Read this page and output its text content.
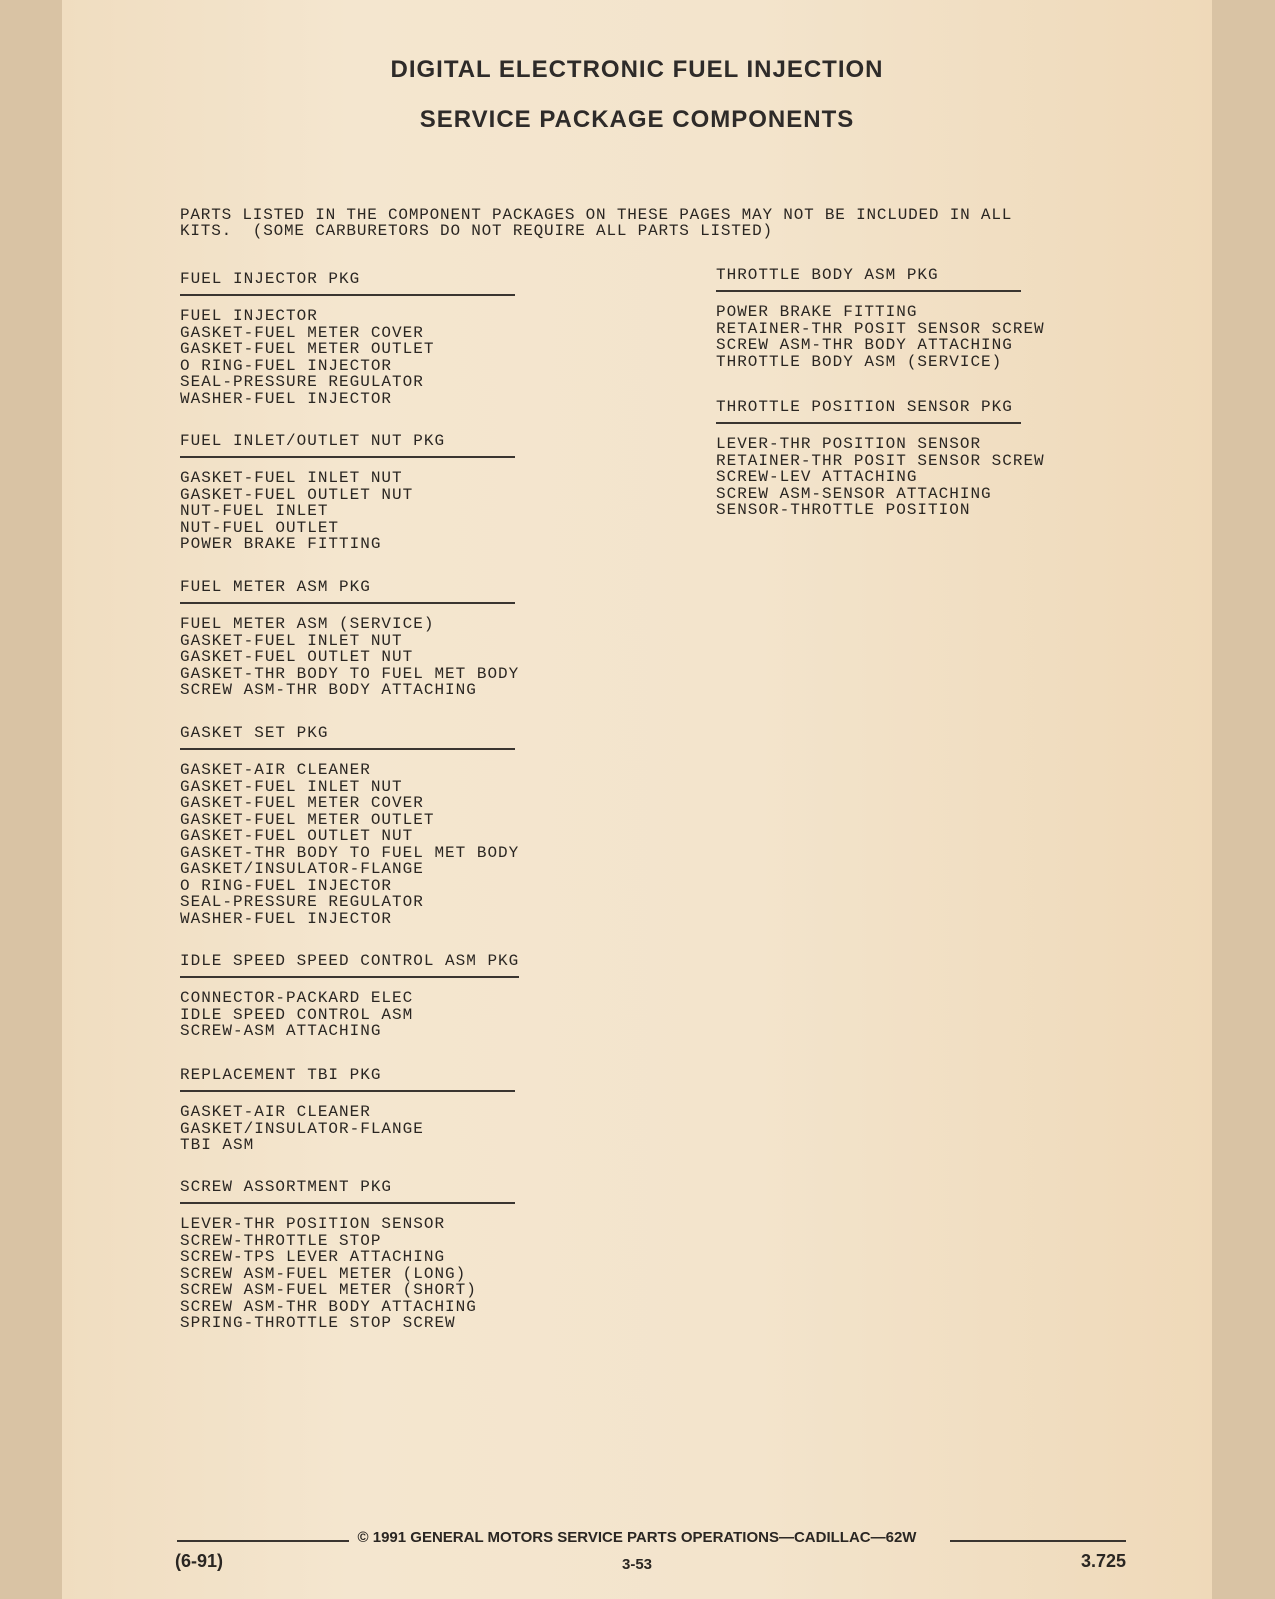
DIGITAL ELECTRONIC FUEL INJECTION
SERVICE PACKAGE COMPONENTS
PARTS LISTED IN THE COMPONENT PACKAGES ON THESE PAGES MAY NOT BE INCLUDED IN ALL
KITS.  (SOME CARBURETORS DO NOT REQUIRE ALL PARTS LISTED)
FUEL INJECTOR PKG
FUEL INJECTOR
GASKET-FUEL METER COVER
GASKET-FUEL METER OUTLET
O RING-FUEL INJECTOR
SEAL-PRESSURE REGULATOR
WASHER-FUEL INJECTOR
FUEL INLET/OUTLET NUT PKG
GASKET-FUEL INLET NUT
GASKET-FUEL OUTLET NUT
NUT-FUEL INLET
NUT-FUEL OUTLET
POWER BRAKE FITTING
FUEL METER ASM PKG
FUEL METER ASM (SERVICE)
GASKET-FUEL INLET NUT
GASKET-FUEL OUTLET NUT
GASKET-THR BODY TO FUEL MET BODY
SCREW ASM-THR BODY ATTACHING
GASKET SET PKG
GASKET-AIR CLEANER
GASKET-FUEL INLET NUT
GASKET-FUEL METER COVER
GASKET-FUEL METER OUTLET
GASKET-FUEL OUTLET NUT
GASKET-THR BODY TO FUEL MET BODY
GASKET/INSULATOR-FLANGE
O RING-FUEL INJECTOR
SEAL-PRESSURE REGULATOR
WASHER-FUEL INJECTOR
IDLE SPEED SPEED CONTROL ASM PKG
CONNECTOR-PACKARD ELEC
IDLE SPEED CONTROL ASM
SCREW-ASM ATTACHING
REPLACEMENT TBI PKG
GASKET-AIR CLEANER
GASKET/INSULATOR-FLANGE
TBI ASM
SCREW ASSORTMENT PKG
LEVER-THR POSITION SENSOR
SCREW-THROTTLE STOP
SCREW-TPS LEVER ATTACHING
SCREW ASM-FUEL METER (LONG)
SCREW ASM-FUEL METER (SHORT)
SCREW ASM-THR BODY ATTACHING
SPRING-THROTTLE STOP SCREW
THROTTLE BODY ASM PKG
POWER BRAKE FITTING
RETAINER-THR POSIT SENSOR SCREW
SCREW ASM-THR BODY ATTACHING
THROTTLE BODY ASM (SERVICE)
THROTTLE POSITION SENSOR PKG
LEVER-THR POSITION SENSOR
RETAINER-THR POSIT SENSOR SCREW
SCREW-LEV ATTACHING
SCREW ASM-SENSOR ATTACHING
SENSOR-THROTTLE POSITION
© 1991 GENERAL MOTORS SERVICE PARTS OPERATIONS—CADILLAC—62W
(6-91)	3-53	3.725
